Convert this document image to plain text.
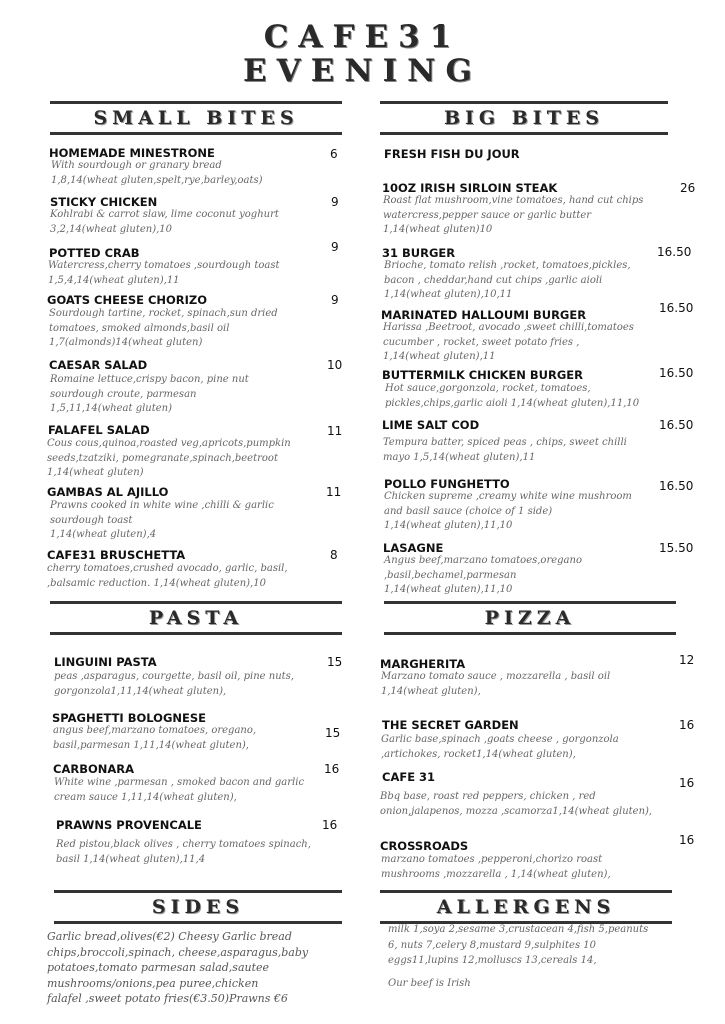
CAFE31
EVENING
SMALL BITES	BIG BITES
PASTA	PIZZA
SIDES	ALLERGENS
HOMEMADE MINESTRONE	6
With sourdough or granary bread
1,8,14(wheat gluten,spelt,rye,barley,oats)
STICKY CHICKEN	9
Kohlrabi & carrot slaw, lime coconut yoghurt
3,2,14(wheat gluten),10
POTTED CRAB	9
Watercress,cherry tomatoes ,sourdough toast
1,5,4,14(wheat gluten),11
GOATS CHEESE CHORIZO	9
Sourdough tartine, rocket, spinach,sun dried
tomatoes, smoked almonds,basil oil
1,7(almonds)14(wheat gluten)
CAESAR SALAD	10
Romaine lettuce,crispy bacon, pine nut
sourdough croute, parmesan
1,5,11,14(wheat gluten)
FALAFEL SALAD	11
Cous cous,quinoa,roasted veg,apricots,pumpkin
seeds,tzatziki, pomegranate,spinach,beetroot
1,14(wheat gluten)
GAMBAS AL AJILLO	11
Prawns cooked in white wine ,chilli & garlic
sourdough toast
1,14(wheat gluten),4
CAFE31 BRUSCHETTA	8
cherry tomatoes,crushed avocado, garlic, basil,
,balsamic reduction. 1,14(wheat gluten),10
FRESH FISH DU JOUR
10OZ IRISH SIRLOIN STEAK	26
Roast flat mushroom,vine tomatoes, hand cut chips
watercress,pepper sauce or garlic butter
1,14(wheat gluten)10
31 BURGER	16.50
Brioche, tomato relish ,rocket, tomatoes,pickles,
bacon , cheddar,hand cut chips ,garlic aioli
1,14(wheat gluten),10,11
MARINATED HALLOUMI BURGER	16.50
Harissa ,Beetroot, avocado ,sweet chilli,tomatoes
cucumber , rocket, sweet potato fries ,
1,14(wheat gluten),11
BUTTERMILK CHICKEN BURGER	16.50
Hot sauce,gorgonzola, rocket, tomatoes,
pickles,chips,garlic aioli 1,14(wheat gluten),11,10
LIME SALT COD	16.50
Tempura batter, spiced peas , chips, sweet chilli
mayo 1,5,14(wheat gluten),11
POLLO FUNGHETTO	16.50
Chicken supreme ,creamy white wine mushroom
and basil sauce (choice of 1 side)
1,14(wheat gluten),11,10
LASAGNE	15.50
Angus beef,marzano tomatoes,oregano
,basil,bechamel,parmesan
1,14(wheat gluten),11,10
LINGUINI PASTA	15
peas ,asparagus, courgette, basil oil, pine nuts,
gorgonzola1,11,14(wheat gluten),
SPAGHETTI BOLOGNESE
15
angus beef,marzano tomatoes, oregano,
basil,parmesan 1,11,14(wheat gluten),
CARBONARA	16
White wine ,parmesan , smoked bacon and garlic
cream sauce 1,11,14(wheat gluten),
PRAWNS PROVENCALE	16
Red pistou,black olives , cherry tomatoes spinach,
basil 1,14(wheat gluten),11,4
MARGHERITA	12
Marzano tomato sauce , mozzarella , basil oil
1,14(wheat gluten),
THE SECRET GARDEN	16
Garlic base,spinach ,goats cheese , gorgonzola
,artichokes, rocket1,14(wheat gluten),
CAFE 31	16
Bbq base, roast red peppers, chicken , red
onion,jalapenos, mozza ,scamorza1,14(wheat gluten),
CROSSROADS	16
marzano tomatoes ,pepperoni,chorizo roast
mushrooms ,mozzarella , 1,14(wheat gluten),
Garlic bread,olives(€2) Cheesy Garlic bread
chips,broccoli,spinach, cheese,asparagus,baby
potatoes,tomato parmesan salad,sautee
mushrooms/onions,pea puree,chicken
falafel ,sweet potato fries(€3.50)Prawns €6
milk 1,soya 2,sesame 3,crustacean 4,fish 5,peanuts
6, nuts 7,celery 8,mustard 9,sulphites 10
eggs11,lupins 12,molluscs 13,cereals 14,
Our beef is Irish
